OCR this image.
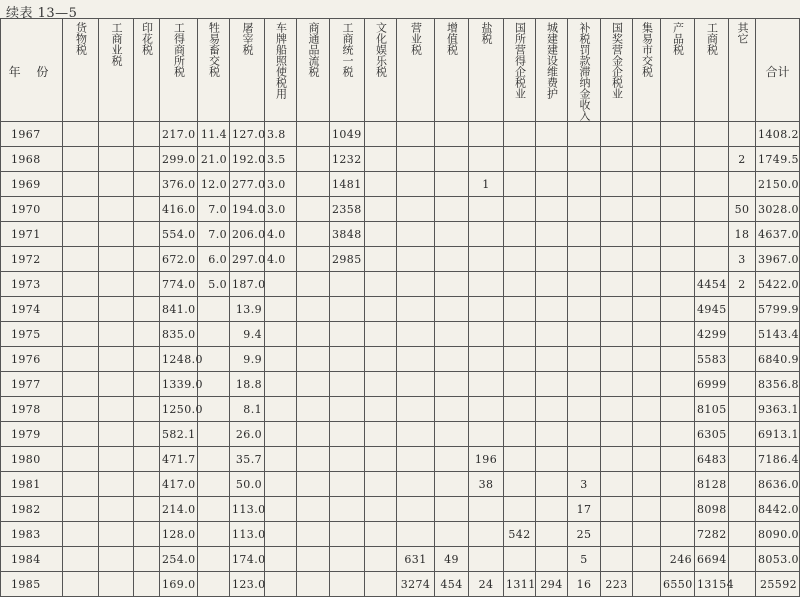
续表 13—5
年 份	货物税	工商业税	印花税	工得商所税	牲易畜交税	屠宰税	车牌船照使税用	商通品流税	工商统一税	文化娱乐税	营业税	增值税	盐税	国所营得企税业	城建建设维费护	补税罚款滞纳金收入	国奖营金企税业	集易市交税	产品税	工商税	其它	合计
1967				217.0	11.4	127.0	3.8		1049													1408.2
1968				299.0	21.0	192.0	3.5		1232												2	1749.5
1969				376.0	12.0	277.0	3.0		1481				1									2150.0
1970				416.0	7.0	194.0	3.0		2358												50	3028.0
1971				554.0	7.0	206.0	4.0		3848												18	4637.0
1972				672.0	6.0	297.0	4.0		2985												3	3967.0
1973				774.0	5.0	187.0														4454	2	5422.0
1974				841.0		13.9														4945		5799.9
1975				835.0		9.4														4299		5143.4
1976				1248.0		9.9														5583		6840.9
1977				1339.0		18.8														6999		8356.8
1978				1250.0		8.1														8105		9363.1
1979				582.1		26.0														6305		6913.1
1980				471.7		35.7							196							6483		7186.4
1981				417.0		50.0							38			3				8128		8636.0
1982				214.0		113.0										17				8098		8442.0
1983				128.0		113.0								542		25				7282		8090.0
1984				254.0		174.0					631	49				5			246	6694		8053.0
1985				169.0		123.0					3274	454	24	1311	294	16	223		6550	13154		25592
